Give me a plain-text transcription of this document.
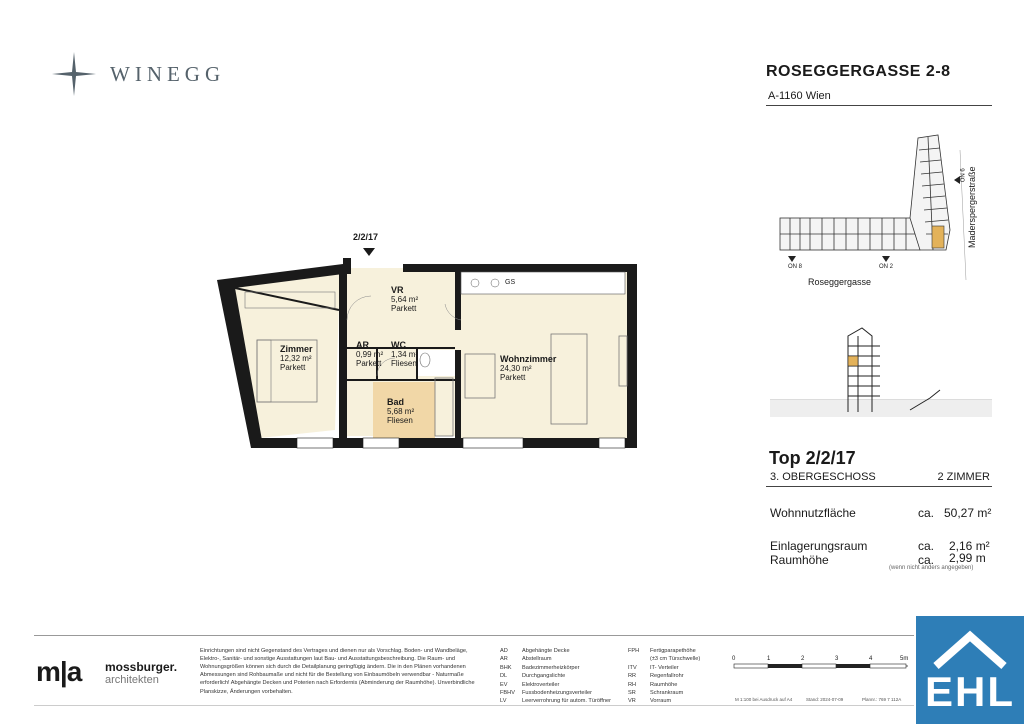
WINEGG	ROSEGGERGASSE 2-8
A-1160 Wien
ON 8	ON 2
ON 6
Roseggergasse
Maderspergerstraße
Top 2/2/17
3. OBERGESCHOSS	2 ZIMMER
Wohnnutzfläche	ca. 50,27 m²
Einlagerungsraum	ca. 2,16 m²
Raumhöhe	ca. 2,99 m
(wenn nicht anders angegeben)
2/2/17
GS
VR
5,64 m²
Parkett
Zimmer
12,32 m²
Parkett
AR
0,99 m²
Parkett
WC
1,34 m²
Fliesen	Wohnzimmer
24,30 m²
Parkett
Bad
5,68 m²
Fliesen
m|a mossburger.
architekten
Einrichtungen sind nicht Gegenstand des Vertrages und dienen nur als Vorschlag. Boden- und Wandbeläge, Elektro-, Sanitär- und sonstige Ausstattungen laut Bau- und Ausstattungsbeschreibung. Die Raum- und Wohnungsgrößen können sich durch die Detailplanung geringfügig ändern. Die in den Plänen vorhandenen Abmessungen sind Rohbaumaße und nicht für die Bestellung von Einbaumöbeln verwendbar - Naturmaße erforderlich! Abgehängte Decken und Poterien nach Erfordernis (Abminderung der Raumhöhe). Unverbindliche Planskizze, Änderungen vorbehalten.
AD	Abgehängte Decke
AR	Abstellraum
BHK	Badezimmerheizkörper
DL	Durchgangslichte
EV	Elektroverteiler
FBHV	Fussbodenheizungsverteiler
LV	Leerverrohrung für autom. Türöffner
FPH	Fertigparapethöhe
(±3 cm Türschwelle)
ITV	IT- Verteiler
RR	Regenfallrohr
RH	Raumhöhe
SR	Schrankraum
VR	Vorraum
0	1	2	3	4	5m
M 1:100 bei Ausdruck auf A4	Stand: 2024-07-09	Plannr.: 769 7 112A EHL
